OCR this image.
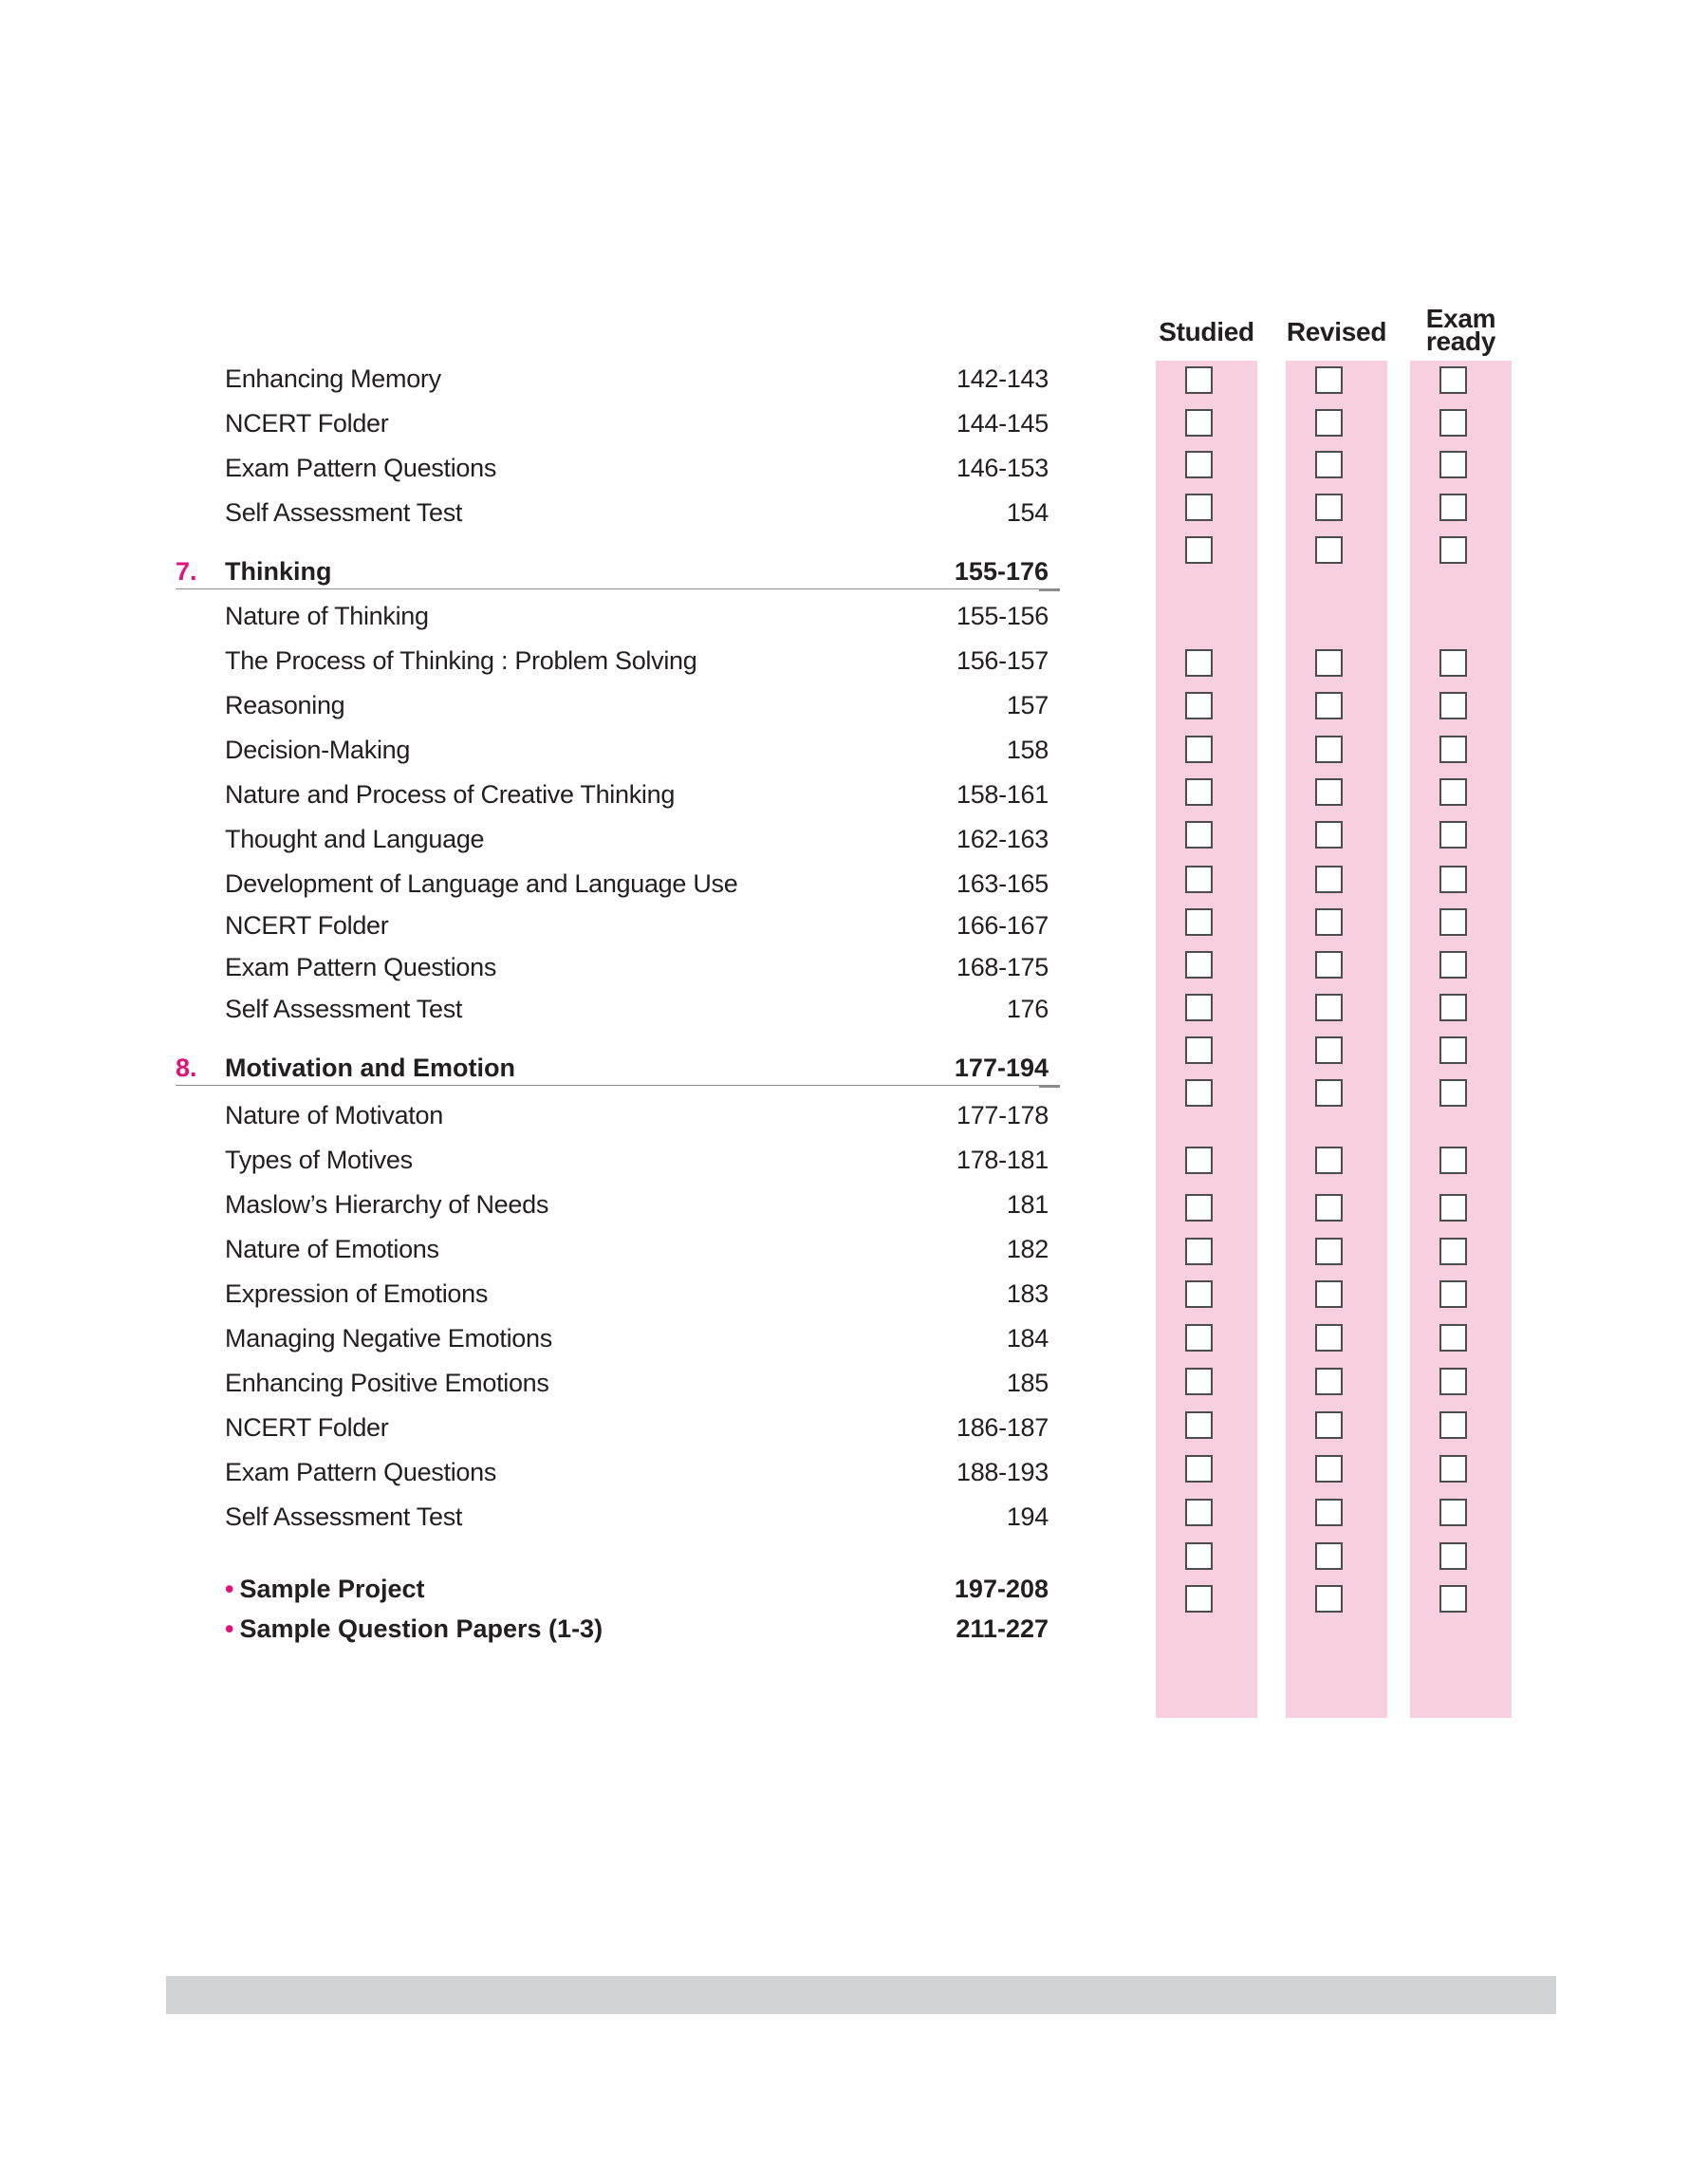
Studied	Revised	Exam
ready
Enhancing Memory	142-143
NCERT Folder	144-145
Exam Pattern Questions	146-153
Self Assessment Test	154
7. Thinking	155-176
Nature of Thinking	155-156
The Process of Thinking : Problem Solving	156-157
Reasoning	157
Decision-Making	158
Nature and Process of Creative Thinking	158-161
Thought and Language	162-163
Development of Language and Language Use	163-165
NCERT Folder	166-167
Exam Pattern Questions	168-175
Self Assessment Test	176
8. Motivation and Emotion	177-194
Nature of Motivaton	177-178
Types of Motives	178-181
Maslow’s Hierarchy of Needs	181
Nature of Emotions	182
Expression of Emotions	183
Managing Negative Emotions	184
Enhancing Positive Emotions	185
NCERT Folder	186-187
Exam Pattern Questions	188-193
Self Assessment Test	194
• Sample Project	197-208
• Sample Question Papers (1-3)	211-227
